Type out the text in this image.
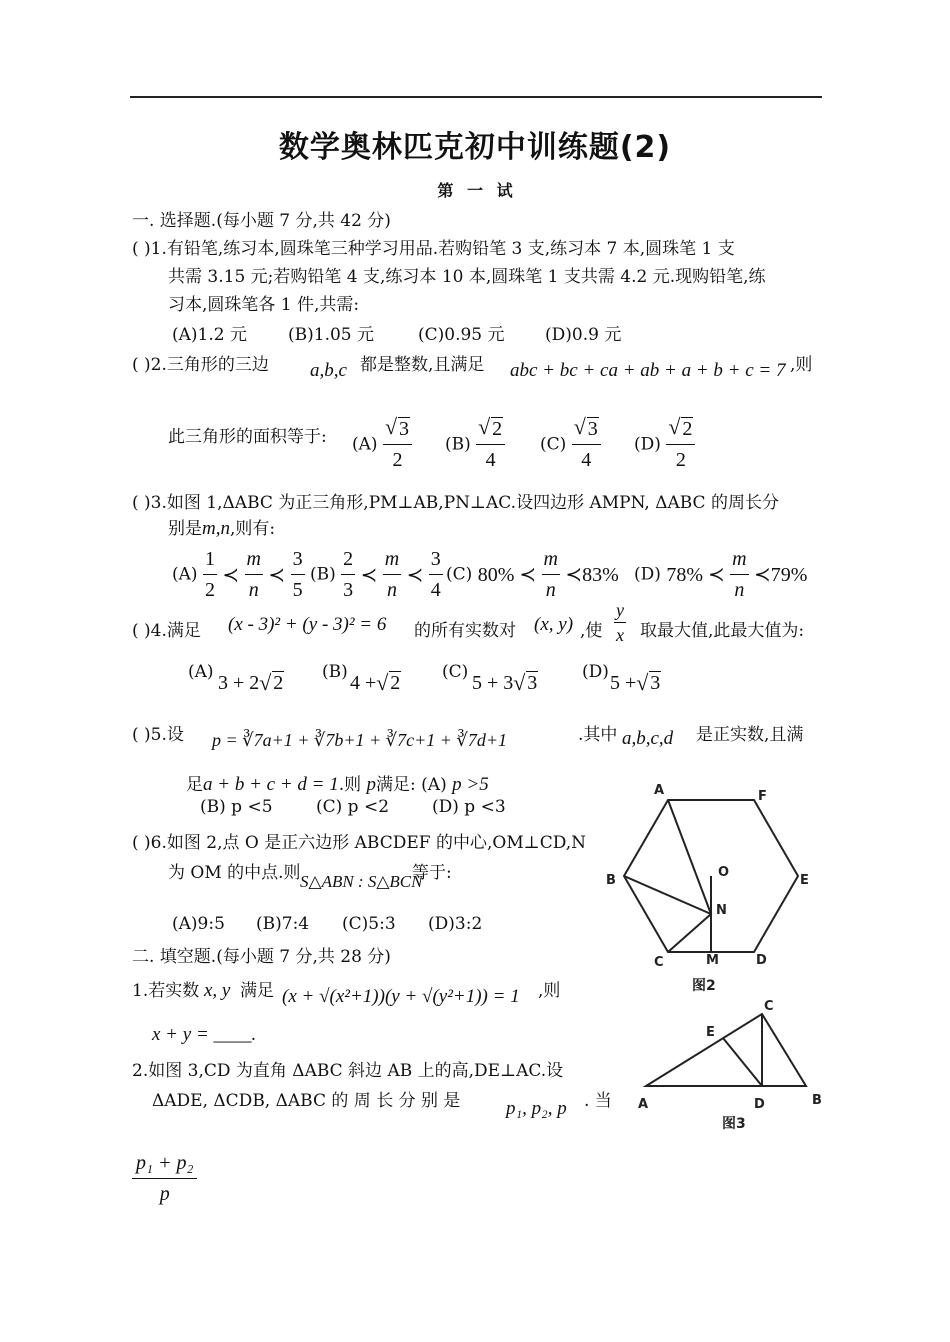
数学奥林匹克初中训练题(2)
第 一 试
一. 选择题.(每小题 7 分,共 42 分)
( )1.有铅笔,练习本,圆珠笔三种学习用品.若购铅笔 3 支,练习本 7 本,圆珠笔 1 支
共需 3.15 元;若购铅笔 4 支,练习本 10 本,圆珠笔 1 支共需 4.2 元.现购铅笔,练
习本,圆珠笔各 1 件,共需:
(A)1.2 元 (B)1.05 元	(C)0.95 元 (D)0.9 元
( )2.三角形的三边 a,b,c 都是整数,且满足 abc + bc + ca + ab + a + b + c = 7 ,则
此三角形的面积等于: (A) √ $\frac{3}{2} (B)$ √ $\frac{2}{4} (C)$ √ $\frac{3}{4} (D)$ √ $\frac{2}{2}$
( )3.如图 1,ΔABC 为正三角形,PM⊥AB,PN⊥AC.设四边形 AMPN, ΔABC 的周长分
别是m,n,则有:
$(A) \frac{1}{2}$ ≺ $\frac{m}{n}$ ≺ $\frac{3}{5} (B) \frac{2}{3}$ ≺ $\frac{m}{n}$ ≺ $\frac{3}{4} (C)$ 80% ≺ $\frac{m}{n}$ ≺83% (D) 78% ≺ $\frac{m}{n}$ ≺79%
( )4.满足 (x - 3)² + (y - 3)² = 6 的所有实数对 (x, y) ,使 $\frac{y}{x}$ 取最大值,此最大值为:
(A) 3 + 2 √ 2 (B) 4 + √ 2 (C) 5 + 3 √ 3	(D) 5 + √ 3
( )5.设 p = ∛7a+1 + ∛7b+1 + ∛7c+1 + ∛7d+1	.其中 a,b,c,d 是正实数,且满
足a + b + c + d = 1.则 p满足: (A) p >5
(B) p <5	(C) p <2	(D) p <3
( )6.如图 2,点 O 是正六边形 ABCDEF 的中心,OM⊥CD,N
为 OM 的中点.则 S△ABN : S△BCN
等于:
(A)9:5 (B)7:4 (C)5:3 (D)3:2
二. 填空题.(每小题 7 分,共 28 分)
1.若实数 x, y 满足 (x + √(x²+1))(y + √(y²+1)) = 1 ,则
x + y = ____.
2.如图 3,CD 为直角 ΔABC 斜边 AB 上的高,DE⊥AC.设
ΔADE, ΔCDB, ΔABC 的 周 长 分 别 是 p₁, p₂, p . 当
$\frac{\text{p₁ + p₂}}{p}$
A	F
B	E
C	D
O
N
M
图2
C
E
A	D	B
图3
